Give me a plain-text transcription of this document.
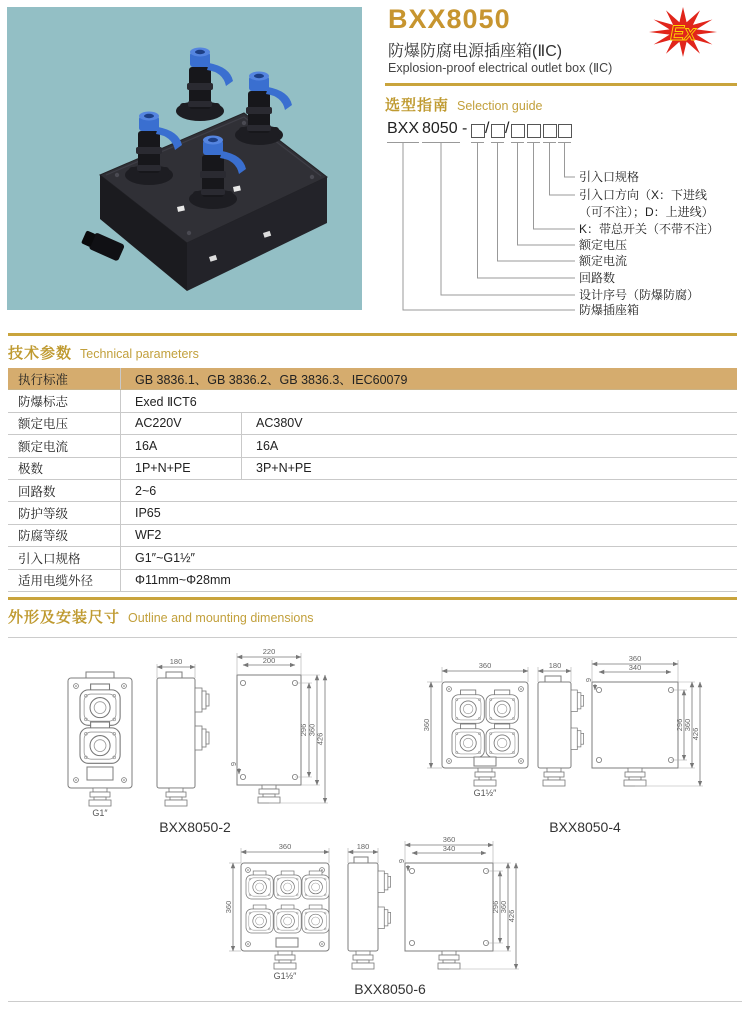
BXX8050
防爆防腐电源插座箱(ⅡC)
Explosion-proof electrical outlet box (ⅡC)
Ex
选型指南 Selection guide
BXX 8050 - / /
引入口规格
引入口方向（X：下进线
（可不注）；D：上进线）
K：带总开关（不带不注）
额定电压
额定电流
回路数
设计序号（防爆防腐）
防爆插座箱
技术参数 Technical parameters
执行标准	GB 3836.1、GB 3836.2、GB 3836.3、IEC60079
防爆标志	Exed ⅡCT6
额定电压	AC220V	AC380V
额定电流	16A	16A
极数	1P+N+PE	3P+N+PE
回路数	2~6
防护等级	IP65
防腐等级	WF2
引入口规格	G1″~G1½″
适用电缆外径	Φ11mm~Φ28mm
外形及安装尺寸 Outline and mounting dimensions
G1″
180
220
200
296 360
426
9
BXX8050-2
G1½″
360
360
180
360
340
296 360
426
9
BXX8050-4
G1½″
360
360
180
360
340
296 360
426
9
BXX8050-6
